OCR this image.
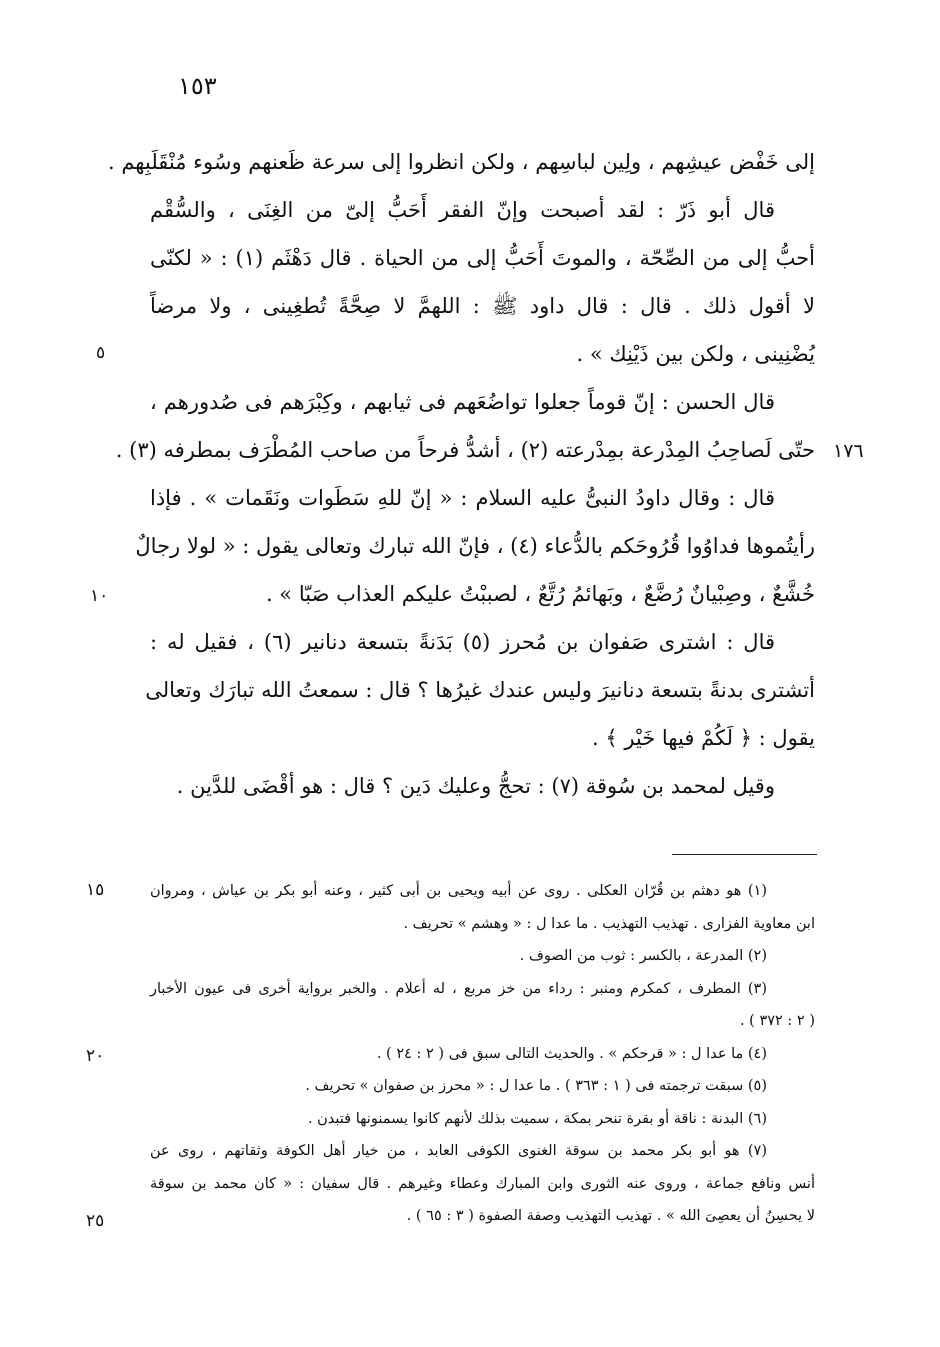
١٥٣
إلى خَفْض عيشِهم ، ولِين لباسِهم ، ولكن انظروا إلى سرعة ظَعنهم وسُوء مُنْقَلَبِهم .
قال أبو ذَرّ : لقد أصبحت وإنّ الفقر أَحَبُّ إلىّ من الغِنَى ، والسُّقْم
أحبُّ إلى من الصِّحّة ، والموتَ أَحَبُّ إلى من الحياة . قال دَهْثَم (١) : « لكنّى
لا أقول ذلك . قال : قال داود ﷺ : اللهمَّ لا صِحَّةً تُطغِينى ، ولا مرضاً
يُضْنِينى ، ولكن بين ذَيْنِك » .
قال الحسن : إنّ قوماً جعلوا تواضُعَهم فى ثيابهم ، وكِبْرَهم فى صُدورهم ،
حتّى لَصاحِبُ المِدْرعة بمِدْرعته (٢) ، أشدُّ فرحاً من صاحب المُطْرَف بمطرفه (٣) .
قال : وقال داودُ النبىُّ عليه السلام : « إنّ للهِ سَطَوات ونَقَمات » . فإذا
رأيتُموها فداوُوا قُرُوحَكم بالدُّعاء (٤) ، فإنّ الله تبارك وتعالى يقول : « لولا رجالٌ
خُشَّعٌ ، وصِبْيانٌ رُضَّعٌ ، وبَهائمُ رُتَّعٌ ، لصببْتُ عليكم العذاب صَبّا » .
قال : اشترى صَفوان بن مُحرز (٥) بَدَنةً بتسعة دنانير (٦) ، فقيل له :
أتشترى بدنةً بتسعة دنانيرَ وليس عندك غيرُها ؟ قال : سمعتُ الله تبارَك وتعالى
يقول : ﴿ لَكُمْ فيها خَيْر ﴾ .
وقيل لمحمد بن سُوقة (٧) : تحجُّ وعليك دَين ؟ قال : هو أقْضَى للدَّين .
٥
١٧٦
١٠
(١) هو دهثم بن قُرّان العكلى . روى عن أبيه ويحيى بن أبى كثير ، وعنه أبو بكر بن عياش ، ومروان
ابن معاوية الفزارى . تهذيب التهذيب . ما عدا ل : « وهشم » تحريف .
(٢) المدرعة ، بالكسر : ثوب من الصوف .
(٣) المطرف ، كمكرم ومنبر : رداء من خز مربع ، له أعلام . والخبر برواية أخرى فى عيون الأخبار
( ٢ : ٣٧٢ ) .
(٤) ما عدا ل : « قرحكم » . والحديث التالى سبق فى ( ٢ : ٢٤ ) .
(٥) سبقت ترجمته فى ( ١ : ٣٦٣ ) . ما عدا ل : « محرز بن صفوان » تحريف .
(٦) البدنة : ناقة أو بقرة تنحر بمكة ، سميت بذلك لأنهم كانوا يسمنونها فتبدن .
(٧) هو أبو بكر محمد بن سوقة الغنوى الكوفى العابد ، من خيار أهل الكوفة وثقاتهم ، روى عن
أنس ونافع جماعة ، وروى عنه الثورى وابن المبارك وعطاء وغيرهم . قال سفيان : « كان محمد بن سوقة
لا يحسِنُ أن يعصِىَ الله » . تهذيب التهذيب وصفة الصفوة ( ٣ : ٦٥ ) .
١٥
٢٠
٢٥
